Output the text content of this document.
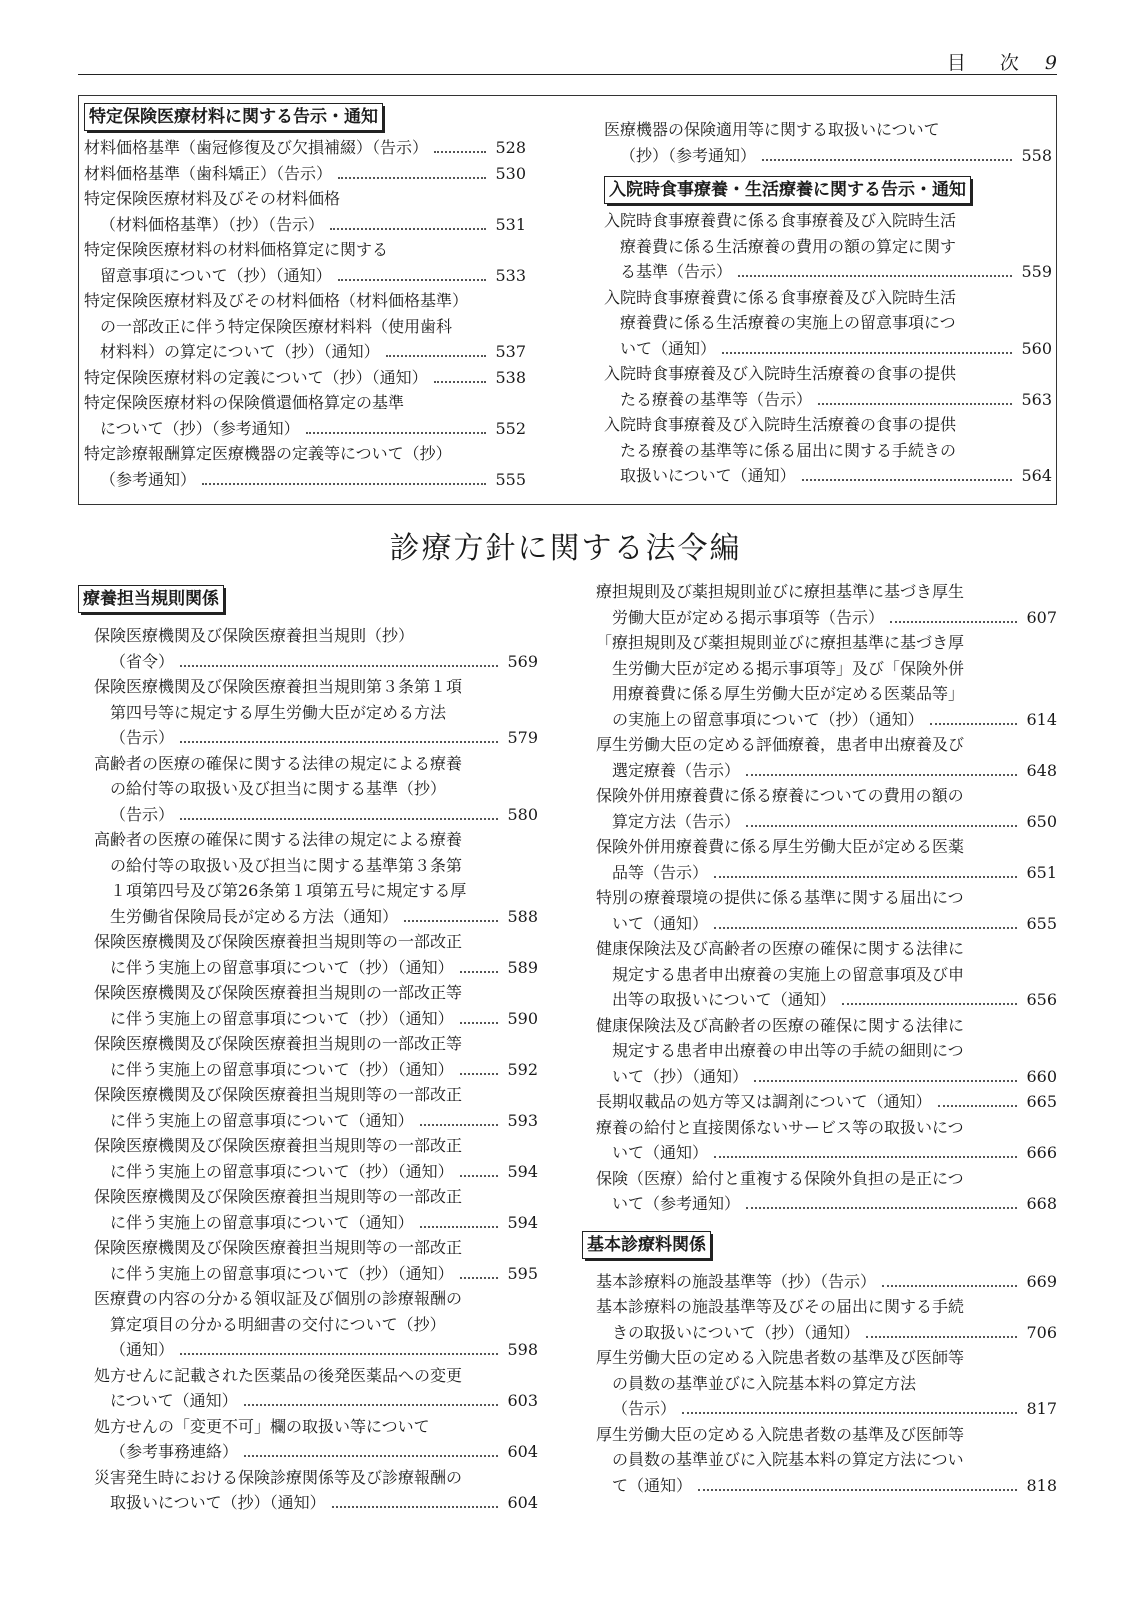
目 次 9
特定保険医療材料に関する告示・通知
材料価格基準（歯冠修復及び欠損補綴）（告示）	528
材料価格基準（歯科矯正）（告示）	530
特定保険医療材料及びその材料価格
（材料価格基準）（抄）（告示）	531
特定保険医療材料の材料価格算定に関する
留意事項について（抄）（通知）	533
特定保険医療材料及びその材料価格（材料価格基準）
の一部改正に伴う特定保険医療材料料（使用歯科
材料料）の算定について（抄）（通知）	537
特定保険医療材料の定義について（抄）（通知）	538
特定保険医療材料の保険償還価格算定の基準
について（抄）（参考通知）	552
特定診療報酬算定医療機器の定義等について（抄）
（参考通知）	555
医療機器の保険適用等に関する取扱いについて
（抄）（参考通知）	558
入院時食事療養・生活療養に関する告示・通知
入院時食事療養費に係る食事療養及び入院時生活
療養費に係る生活療養の費用の額の算定に関す
る基準（告示）	559
入院時食事療養費に係る食事療養及び入院時生活
療養費に係る生活療養の実施上の留意事項につ
いて（通知）	560
入院時食事療養及び入院時生活療養の食事の提供
たる療養の基準等（告示）	563
入院時食事療養及び入院時生活療養の食事の提供
たる療養の基準等に係る届出に関する手続きの
取扱いについて（通知）	564
診療方針に関する法令編
療養担当規則関係
保険医療機関及び保険医療養担当規則（抄）
（省令）	569
保険医療機関及び保険医療養担当規則第３条第１項
第四号等に規定する厚生労働大臣が定める方法
（告示）	579
高齢者の医療の確保に関する法律の規定による療養
の給付等の取扱い及び担当に関する基準（抄）
（告示）	580
高齢者の医療の確保に関する法律の規定による療養
の給付等の取扱い及び担当に関する基準第３条第
１項第四号及び第26条第１項第五号に規定する厚
生労働省保険局長が定める方法（通知）	588
保険医療機関及び保険医療養担当規則等の一部改正
に伴う実施上の留意事項について（抄）（通知）	589
保険医療機関及び保険医療養担当規則の一部改正等
に伴う実施上の留意事項について（抄）（通知）	590
保険医療機関及び保険医療養担当規則の一部改正等
に伴う実施上の留意事項について（抄）（通知）	592
保険医療機関及び保険医療養担当規則等の一部改正
に伴う実施上の留意事項について（通知）	593
保険医療機関及び保険医療養担当規則等の一部改正
に伴う実施上の留意事項について（抄）（通知）	594
保険医療機関及び保険医療養担当規則等の一部改正
に伴う実施上の留意事項について（通知）	594
保険医療機関及び保険医療養担当規則等の一部改正
に伴う実施上の留意事項について（抄）（通知）	595
医療費の内容の分かる領収証及び個別の診療報酬の
算定項目の分かる明細書の交付について（抄）
（通知）	598
処方せんに記載された医薬品の後発医薬品への変更
について（通知）	603
処方せんの「変更不可」欄の取扱い等について
（参考事務連絡）	604
災害発生時における保険診療関係等及び診療報酬の
取扱いについて（抄）（通知）	604
療担規則及び薬担規則並びに療担基準に基づき厚生
労働大臣が定める掲示事項等（告示）	607
「療担規則及び薬担規則並びに療担基準に基づき厚
生労働大臣が定める掲示事項等」及び「保険外併
用療養費に係る厚生労働大臣が定める医薬品等」
の実施上の留意事項について（抄）（通知）	614
厚生労働大臣の定める評価療養，患者申出療養及び
選定療養（告示）	648
保険外併用療養費に係る療養についての費用の額の
算定方法（告示）	650
保険外併用療養費に係る厚生労働大臣が定める医薬
品等（告示）	651
特別の療養環境の提供に係る基準に関する届出につ
いて（通知）	655
健康保険法及び高齢者の医療の確保に関する法律に
規定する患者申出療養の実施上の留意事項及び申
出等の取扱いについて（通知）	656
健康保険法及び高齢者の医療の確保に関する法律に
規定する患者申出療養の申出等の手続の細則につ
いて（抄）（通知）	660
長期収載品の処方等又は調剤について（通知）	665
療養の給付と直接関係ないサービス等の取扱いにつ
いて（通知）	666
保険（医療）給付と重複する保険外負担の是正につ
いて（参考通知）	668
基本診療料関係
基本診療料の施設基準等（抄）（告示）	669
基本診療料の施設基準等及びその届出に関する手続
きの取扱いについて（抄）（通知）	706
厚生労働大臣の定める入院患者数の基準及び医師等
の員数の基準並びに入院基本料の算定方法
（告示）	817
厚生労働大臣の定める入院患者数の基準及び医師等
の員数の基準並びに入院基本料の算定方法につい
て（通知）	818
